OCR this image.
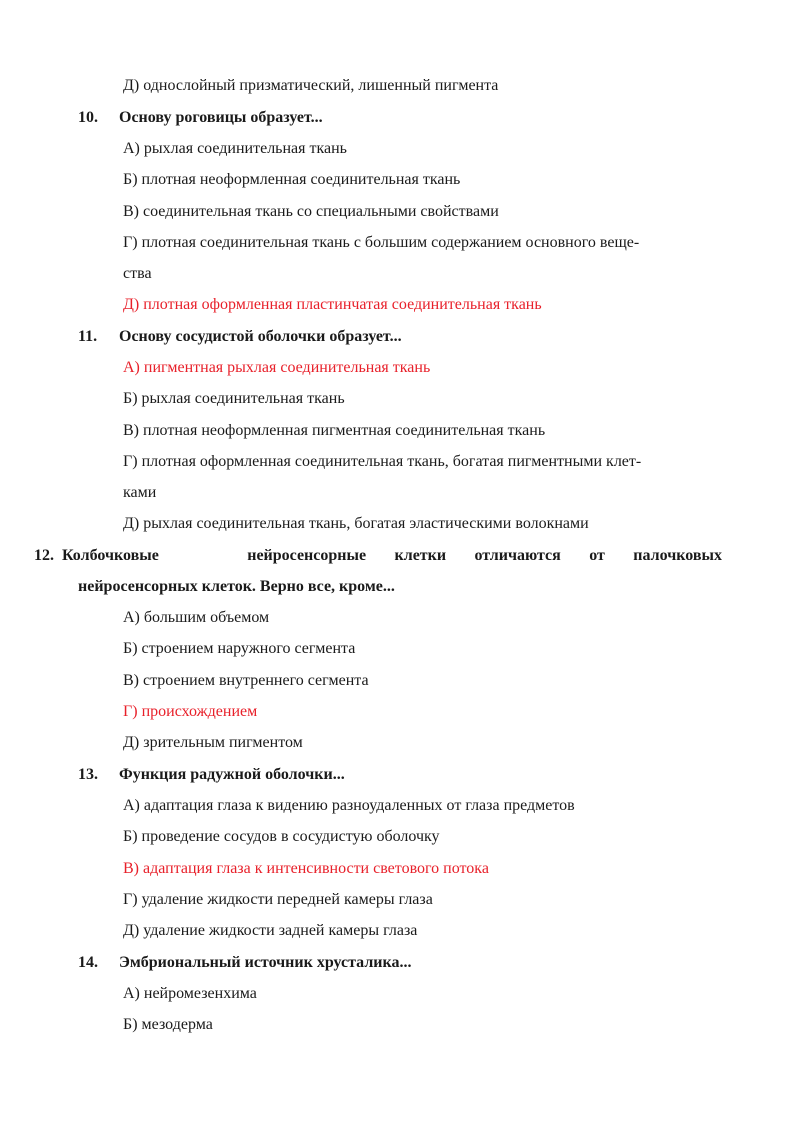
Д) однослойный призматический, лишенный пигмента
10. Основу роговицы образует...
А) рыхлая соединительная ткань
Б) плотная неоформленная соединительная ткань
В) соединительная ткань со специальными свойствами
Г) плотная соединительная ткань с большим содержанием основного веще-
ства
Д) плотная оформленная пластинчатая соединительная ткань
11. Основу сосудистой оболочки образует...
А) пигментная рыхлая соединительная ткань
Б) рыхлая соединительная ткань
В) плотная неоформленная пигментная соединительная ткань
Г) плотная оформленная соединительная ткань, богатая пигментными клет-
ками
Д) рыхлая соединительная ткань, богатая эластическими волокнами
12. Колбочковые	нейросенсорные клетки отличаются от палочковых
нейросенсорных клеток. Верно все, кроме...
А) большим объемом
Б) строением наружного сегмента
В) строением внутреннего сегмента
Г) происхождением
Д) зрительным пигментом
13. Функция радужной оболочки...
А) адаптация глаза к видению разноудаленных от глаза предметов
Б) проведение сосудов в сосудистую оболочку
В) адаптация глаза к интенсивности светового потока
Г) удаление жидкости передней камеры глаза
Д) удаление жидкости задней камеры глаза
14. Эмбриональный источник хрусталика...
А) нейромезенхима
Б) мезодерма
